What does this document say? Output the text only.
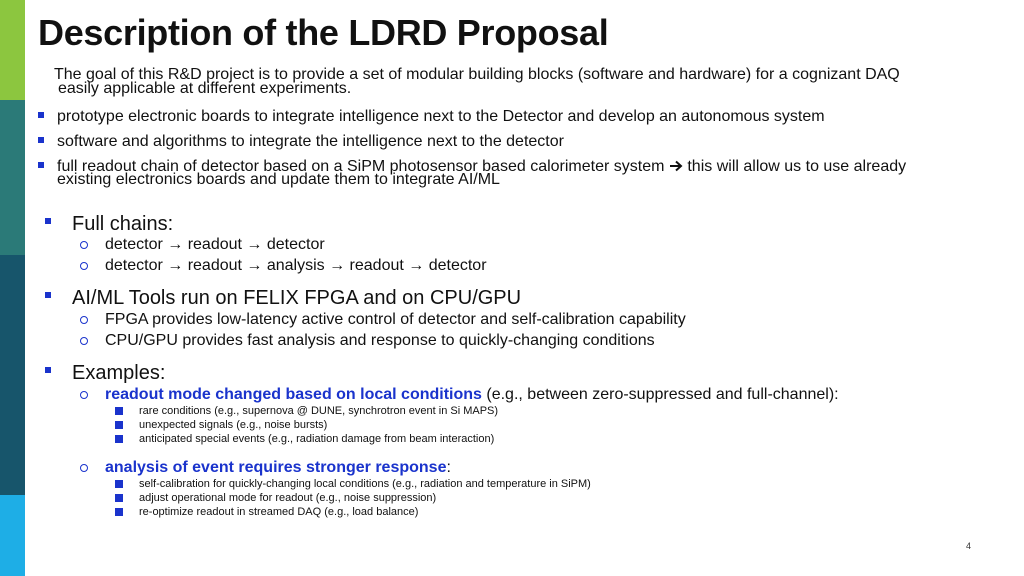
Description of the LDRD Proposal
The goal of this R&D project is to provide a set of modular building blocks (software and hardware) for a cognizant DAQ
easily applicable at different experiments.
prototype electronic boards to integrate intelligence next to the Detector and develop an autonomous system
software and algorithms to integrate the intelligence next to the detector
full readout chain of detector based on a SiPM photosensor based calorimeter system this will allow us to use already
existing electronics boards and update them to integrate AI/ML
Full chains:
detector → readout → detector
detector → readout → analysis → readout → detector
AI/ML Tools run on FELIX FPGA and on CPU/GPU
FPGA provides low-latency active control of detector and self-calibration capability
CPU/GPU provides fast analysis and response to quickly-changing conditions
Examples:
readout mode changed based on local conditions (e.g., between zero-suppressed and full-channel):
rare conditions (e.g., supernova @ DUNE, synchrotron event in Si MAPS)
unexpected signals (e.g., noise bursts)
anticipated special events (e.g., radiation damage from beam interaction)
analysis of event requires stronger response:
self-calibration for quickly-changing local conditions (e.g., radiation and temperature in SiPM)
adjust operational mode for readout (e.g., noise suppression)
re-optimize readout in streamed DAQ (e.g., load balance)
4
